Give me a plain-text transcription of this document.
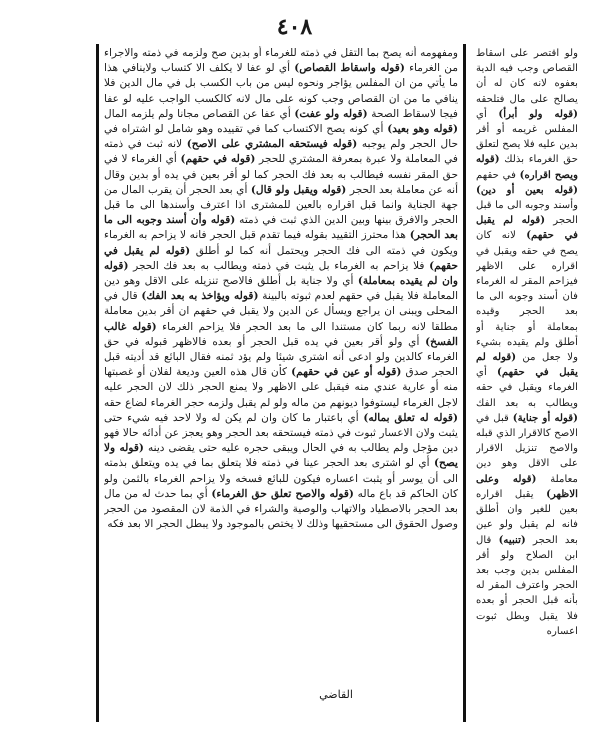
٤٠٨

ومفهومه أنه يصح بما التقل في ذمته للغرماء أو بدين صح ولزمه في ذمته والاجراء من الغرماء (قوله واسقاط القصاص) أي لو عفا لا يكلف الا كتساب ولاينافي هذا ما يأتي من ان المفلس يؤاجر ونحوه ليس من باب الكسب بل في مال الدين فلا ينافي ما من ان القصاص وجب كونه على مال لانه كالكسب الواجب عليه لو عفا فيجا لاسقاط الصحة (قوله ولو عفت) أي عفا عن القصاص مجانا ولم يلزمه المال (قوله وهو بعيد) أي كونه يصح الاكتساب كما في تقييده وهو شامل لو اشتراه في حال الحجر ولم يوجبه (قوله فيستحقه المشتري على الاصح) لانه ثبت في ذمته في المعاملة ولا عبرة بمعرفة المشتري للحجر (قوله في حقهم) أي الغرماء لا في حق المقر نفسه فيطالب به بعد فك الحجر كما لو أقر بعين في يده أو بدين وقال أنه عن معاملة بعد الحجر (قوله ويقبل ولو قال) أي بعد الحجر أن يقرب المال من جهة الجناية وانما قبل اقراره بالعين للمشترى اذا اعترف وأسندها الى ما قبل الحجر والافرق بينها وبين الدين الذي ثبت في ذمته (قوله وأن أسند وجوبه الى ما بعد الحجر) هذا محترز التقييد بقوله فيما تقدم قبل الحجر فانه لا يزاحم به الغرماء ويكون في ذمته الى فك الحجر ويحتمل أنه كما لو أطلق (قوله لم يقبل في حقهم) فلا يزاحم به الغرماء بل يثبت في ذمته ويطالب به بعد فك الحجر (قوله وان لم يقيده بمعاملة) أي ولا جناية بل أطلق فالاصح تنزيله على الاقل وهو دين المعاملة فلا يقبل في حقهم لعدم ثبوته بالبينة (قوله ويؤاخذ به بعد الفك) قال في المحلى ويبنى ان يراجع ويسأل عن الدين ولا يقبل في حقهم ان أقر بدين معاملة مطلقا لانه ربما كان مستندا الى ما بعد الحجر فلا يزاحم الغرماء (قوله غالب الفسخ) أي ولو أقر بعين في يده قبل الحجر أو بعده فالاظهر قبوله في حق الغرماء كالدين ولو ادعى أنه اشترى شيئا ولم يؤد ثمنه فقال البائع قد أديته قبل الحجر صدق (قوله أو عين في حقهم) كأن قال هذه العين وديعة لفلان أو غصبتها منه أو عارية عندي منه فيقبل على الاظهر ولا يمنع الحجر ذلك لان الحجر عليه لاجل الغرماء ليستوفوا ديونهم من ماله ولو لم يقبل ولزمه حجر الغرماء لضاع حقه (قوله له تعلق بماله) أي باعتبار ما كان وان لم يكن له ولا لاحد فيه شيء حتى يثبت ولان الاعسار ثبوت في ذمته فيستحقه بعد الحجر وهو يعجز عن أدائه حالا فهو دين مؤجل ولم يطالب به في الحال ويبقى حجره عليه حتى يقضى دينه (قوله ولا يصح) أي لو اشترى بعد الحجر عينا في ذمته فلا يتعلق بما في يده ويتعلق بذمته الى أن يوسر أو يثبت اعساره فيكون للبائع فسخه ولا يزاحم الغرماء بالثمن ولو كان الحاكم قد باع ماله (قوله والاصح تعلق حق الغرماء) أي بما حدث له من مال بعد الحجر بالاصطياد والاتهاب والوصية والشراء في الذمة لان المقصود من الحجر وصول الحقوق الى مستحقيها وذلك لا يختص بالموجود ولا يبطل الحجر الا بعد فكه

ولو اقتصر على اسقاط القصاص وجب فيه الدية بعفوه لانه كان له أن يصالح على مال فتلحقه (قوله ولو أبرأ) أي المفلس غريمه أو أقر بدين عليه فلا يصح لتعلق حق الغرماء بذلك (قوله ويصح اقراره) في حقهم (قوله بعين أو دين) وأسند وجوبه الى ما قبل الحجر (قوله لم يقبل في حقهم) لانه كان يصح في حقه ويقبل في اقراره على الاظهر فيزاحم المقر له الغرماء فان أسند وجوبه الى ما بعد الحجر وقيده بمعاملة أو جناية أو أطلق ولم يقيده بشيء ولا جعل من (قوله لم يقبل في حقهم) أي الغرماء ويقبل في حقه ويطالب به بعد الفك (قوله أو جناية) قبل في الاصح كالاقرار الذي قبله والاصح تنزيل الاقرار على الاقل وهو دين معاملة (قوله وعلى الاظهر) يقبل اقراره بعين للغير وان أطلق فانه لم يقبل ولو عين بعد الحجر (تنبيه) قال ابن الصلاح ولو أقر المفلس بدين وجب بعد الحجر واعترف المقر له بأنه قبل الحجر أو بعده فلا يقبل وبطل ثبوت اعساره

القاضي
